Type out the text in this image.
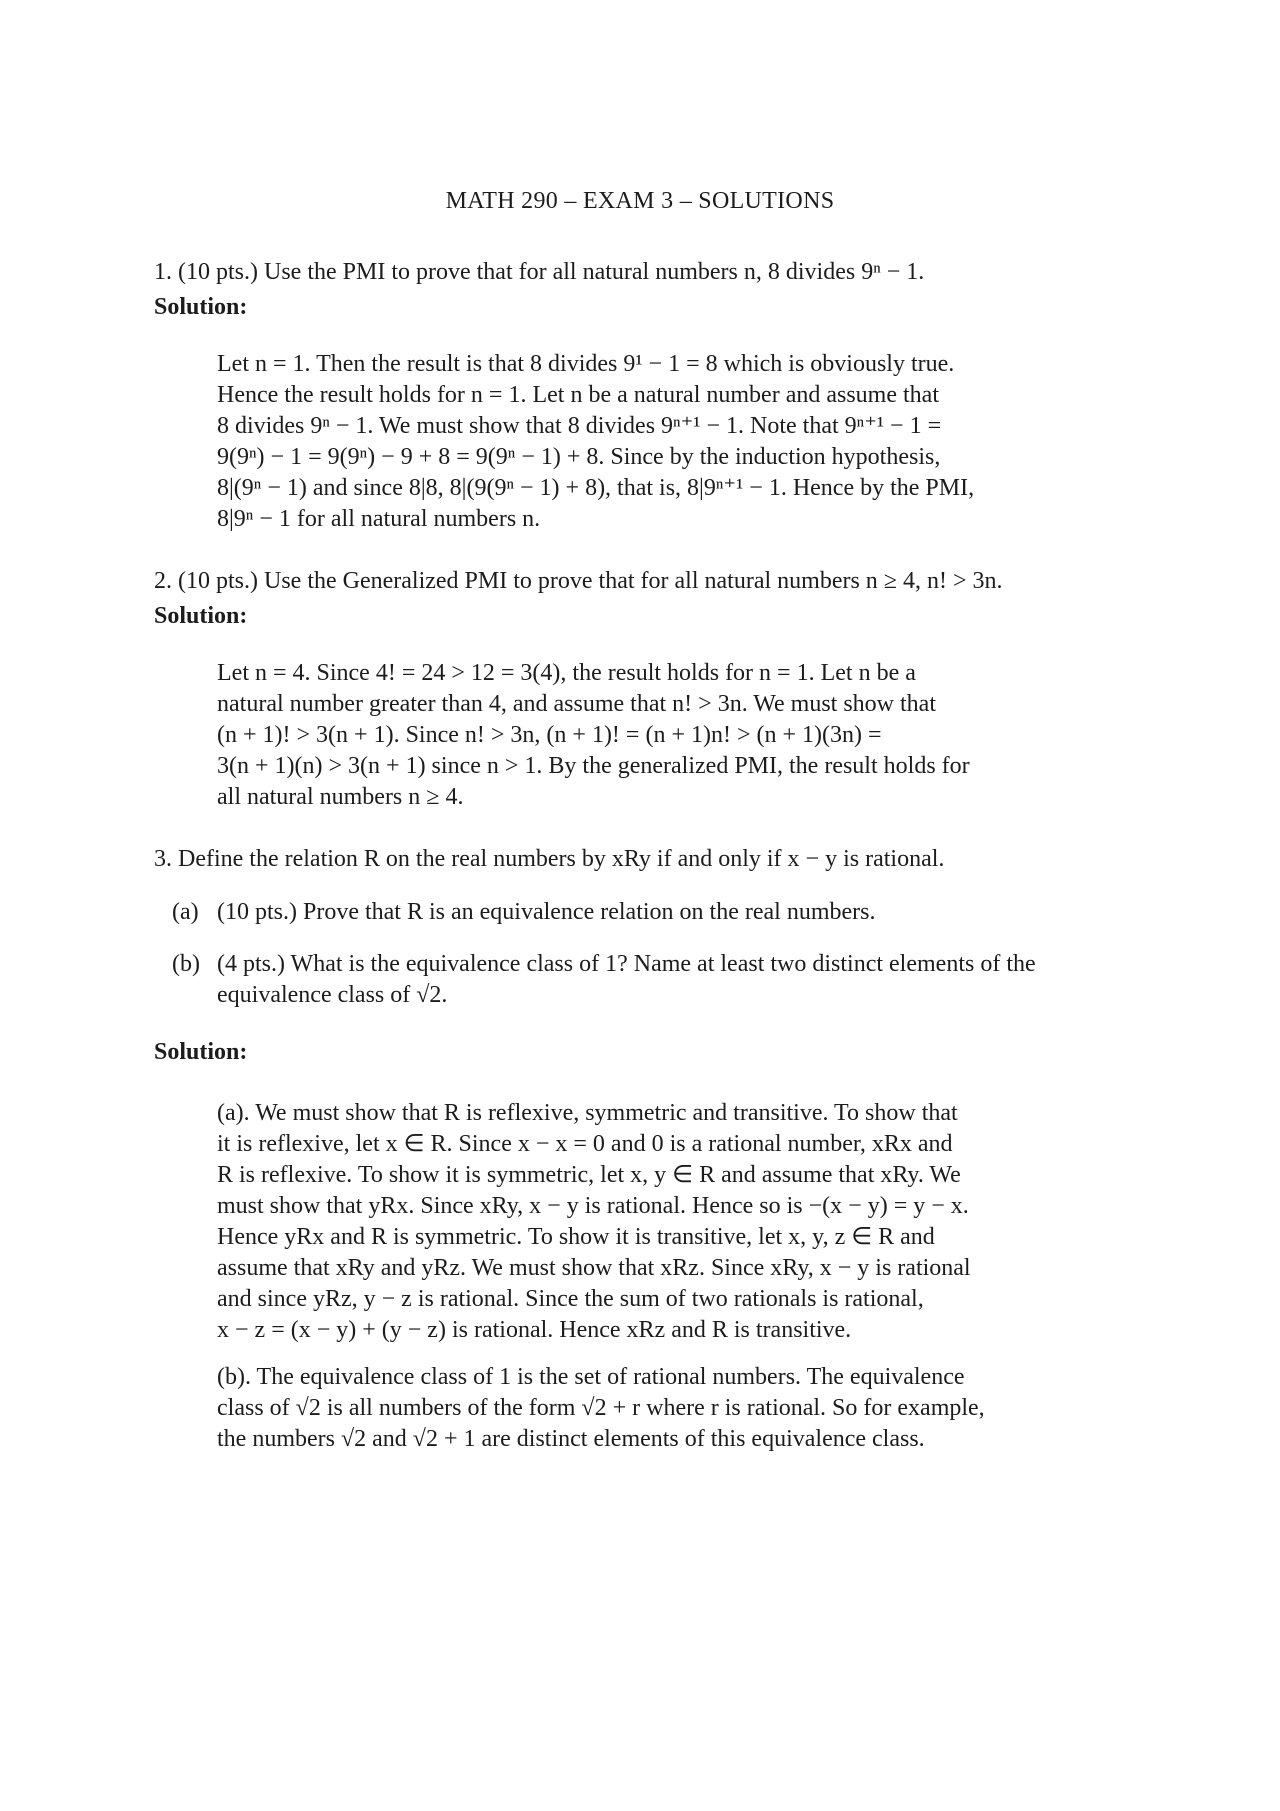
MATH 290 – EXAM 3 – SOLUTIONS
1. (10 pts.) Use the PMI to prove that for all natural numbers n, 8 divides 9ⁿ − 1.
Solution:
Let n = 1. Then the result is that 8 divides 9¹ − 1 = 8 which is obviously true.
Hence the result holds for n = 1. Let n be a natural number and assume that
8 divides 9ⁿ − 1. We must show that 8 divides 9ⁿ⁺¹ − 1. Note that 9ⁿ⁺¹ − 1 =
9(9ⁿ) − 1 = 9(9ⁿ) − 9 + 8 = 9(9ⁿ − 1) + 8. Since by the induction hypothesis,
8|(9ⁿ − 1) and since 8|8, 8|(9(9ⁿ − 1) + 8), that is, 8|9ⁿ⁺¹ − 1. Hence by the PMI,
8|9ⁿ − 1 for all natural numbers n.
2. (10 pts.) Use the Generalized PMI to prove that for all natural numbers n ≥ 4, n! > 3n.
Solution:
Let n = 4. Since 4! = 24 > 12 = 3(4), the result holds for n = 1. Let n be a
natural number greater than 4, and assume that n! > 3n. We must show that
(n + 1)! > 3(n + 1). Since n! > 3n, (n + 1)! = (n + 1)n! > (n + 1)(3n) =
3(n + 1)(n) > 3(n + 1) since n > 1. By the generalized PMI, the result holds for
all natural numbers n ≥ 4.
3. Define the relation R on the real numbers by xRy if and only if x − y is rational.
(a) (10 pts.) Prove that R is an equivalence relation on the real numbers.
(b) (4 pts.) What is the equivalence class of 1? Name at least two distinct elements of the
equivalence class of √2.
Solution:
(a). We must show that R is reflexive, symmetric and transitive. To show that
it is reflexive, let x ∈ R. Since x − x = 0 and 0 is a rational number, xRx and
R is reflexive. To show it is symmetric, let x, y ∈ R and assume that xRy. We
must show that yRx. Since xRy, x − y is rational. Hence so is −(x − y) = y − x.
Hence yRx and R is symmetric. To show it is transitive, let x, y, z ∈ R and
assume that xRy and yRz. We must show that xRz. Since xRy, x − y is rational
and since yRz, y − z is rational. Since the sum of two rationals is rational,
x − z = (x − y) + (y − z) is rational. Hence xRz and R is transitive.
(b). The equivalence class of 1 is the set of rational numbers. The equivalence
class of √2 is all numbers of the form √2 + r where r is rational. So for example,
the numbers √2 and √2 + 1 are distinct elements of this equivalence class.
